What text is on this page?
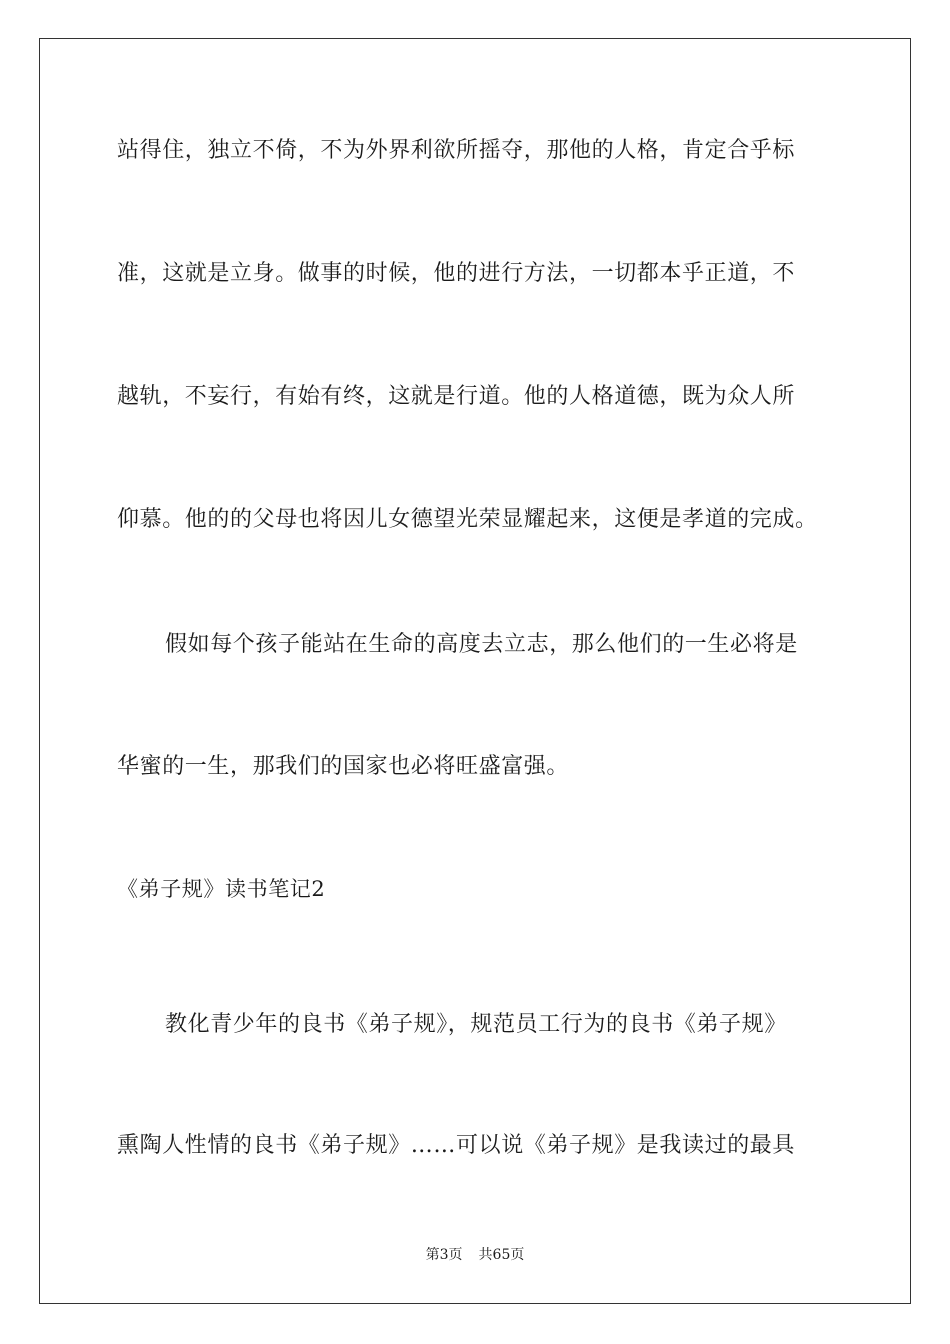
站得住，独立不倚，不为外界利欲所摇夺，那他的人格，肯定合乎标
准，这就是立身。做事的时候，他的进行方法，一切都本乎正道，不
越轨，不妄行，有始有终，这就是行道。他的人格道德，既为众人所
仰慕。他的的父母也将因儿女德望光荣显耀起来，这便是孝道的完成。
假如每个孩子能站在生命的高度去立志，那么他们的一生必将是
华蜜的一生，那我们的国家也必将旺盛富强。
《弟子规》读书笔记2
教化青少年的良书《弟子规》，规范员工行为的良书《弟子规》
熏陶人性情的良书《弟子规》……可以说《弟子规》是我读过的最具
第3页 共65页
